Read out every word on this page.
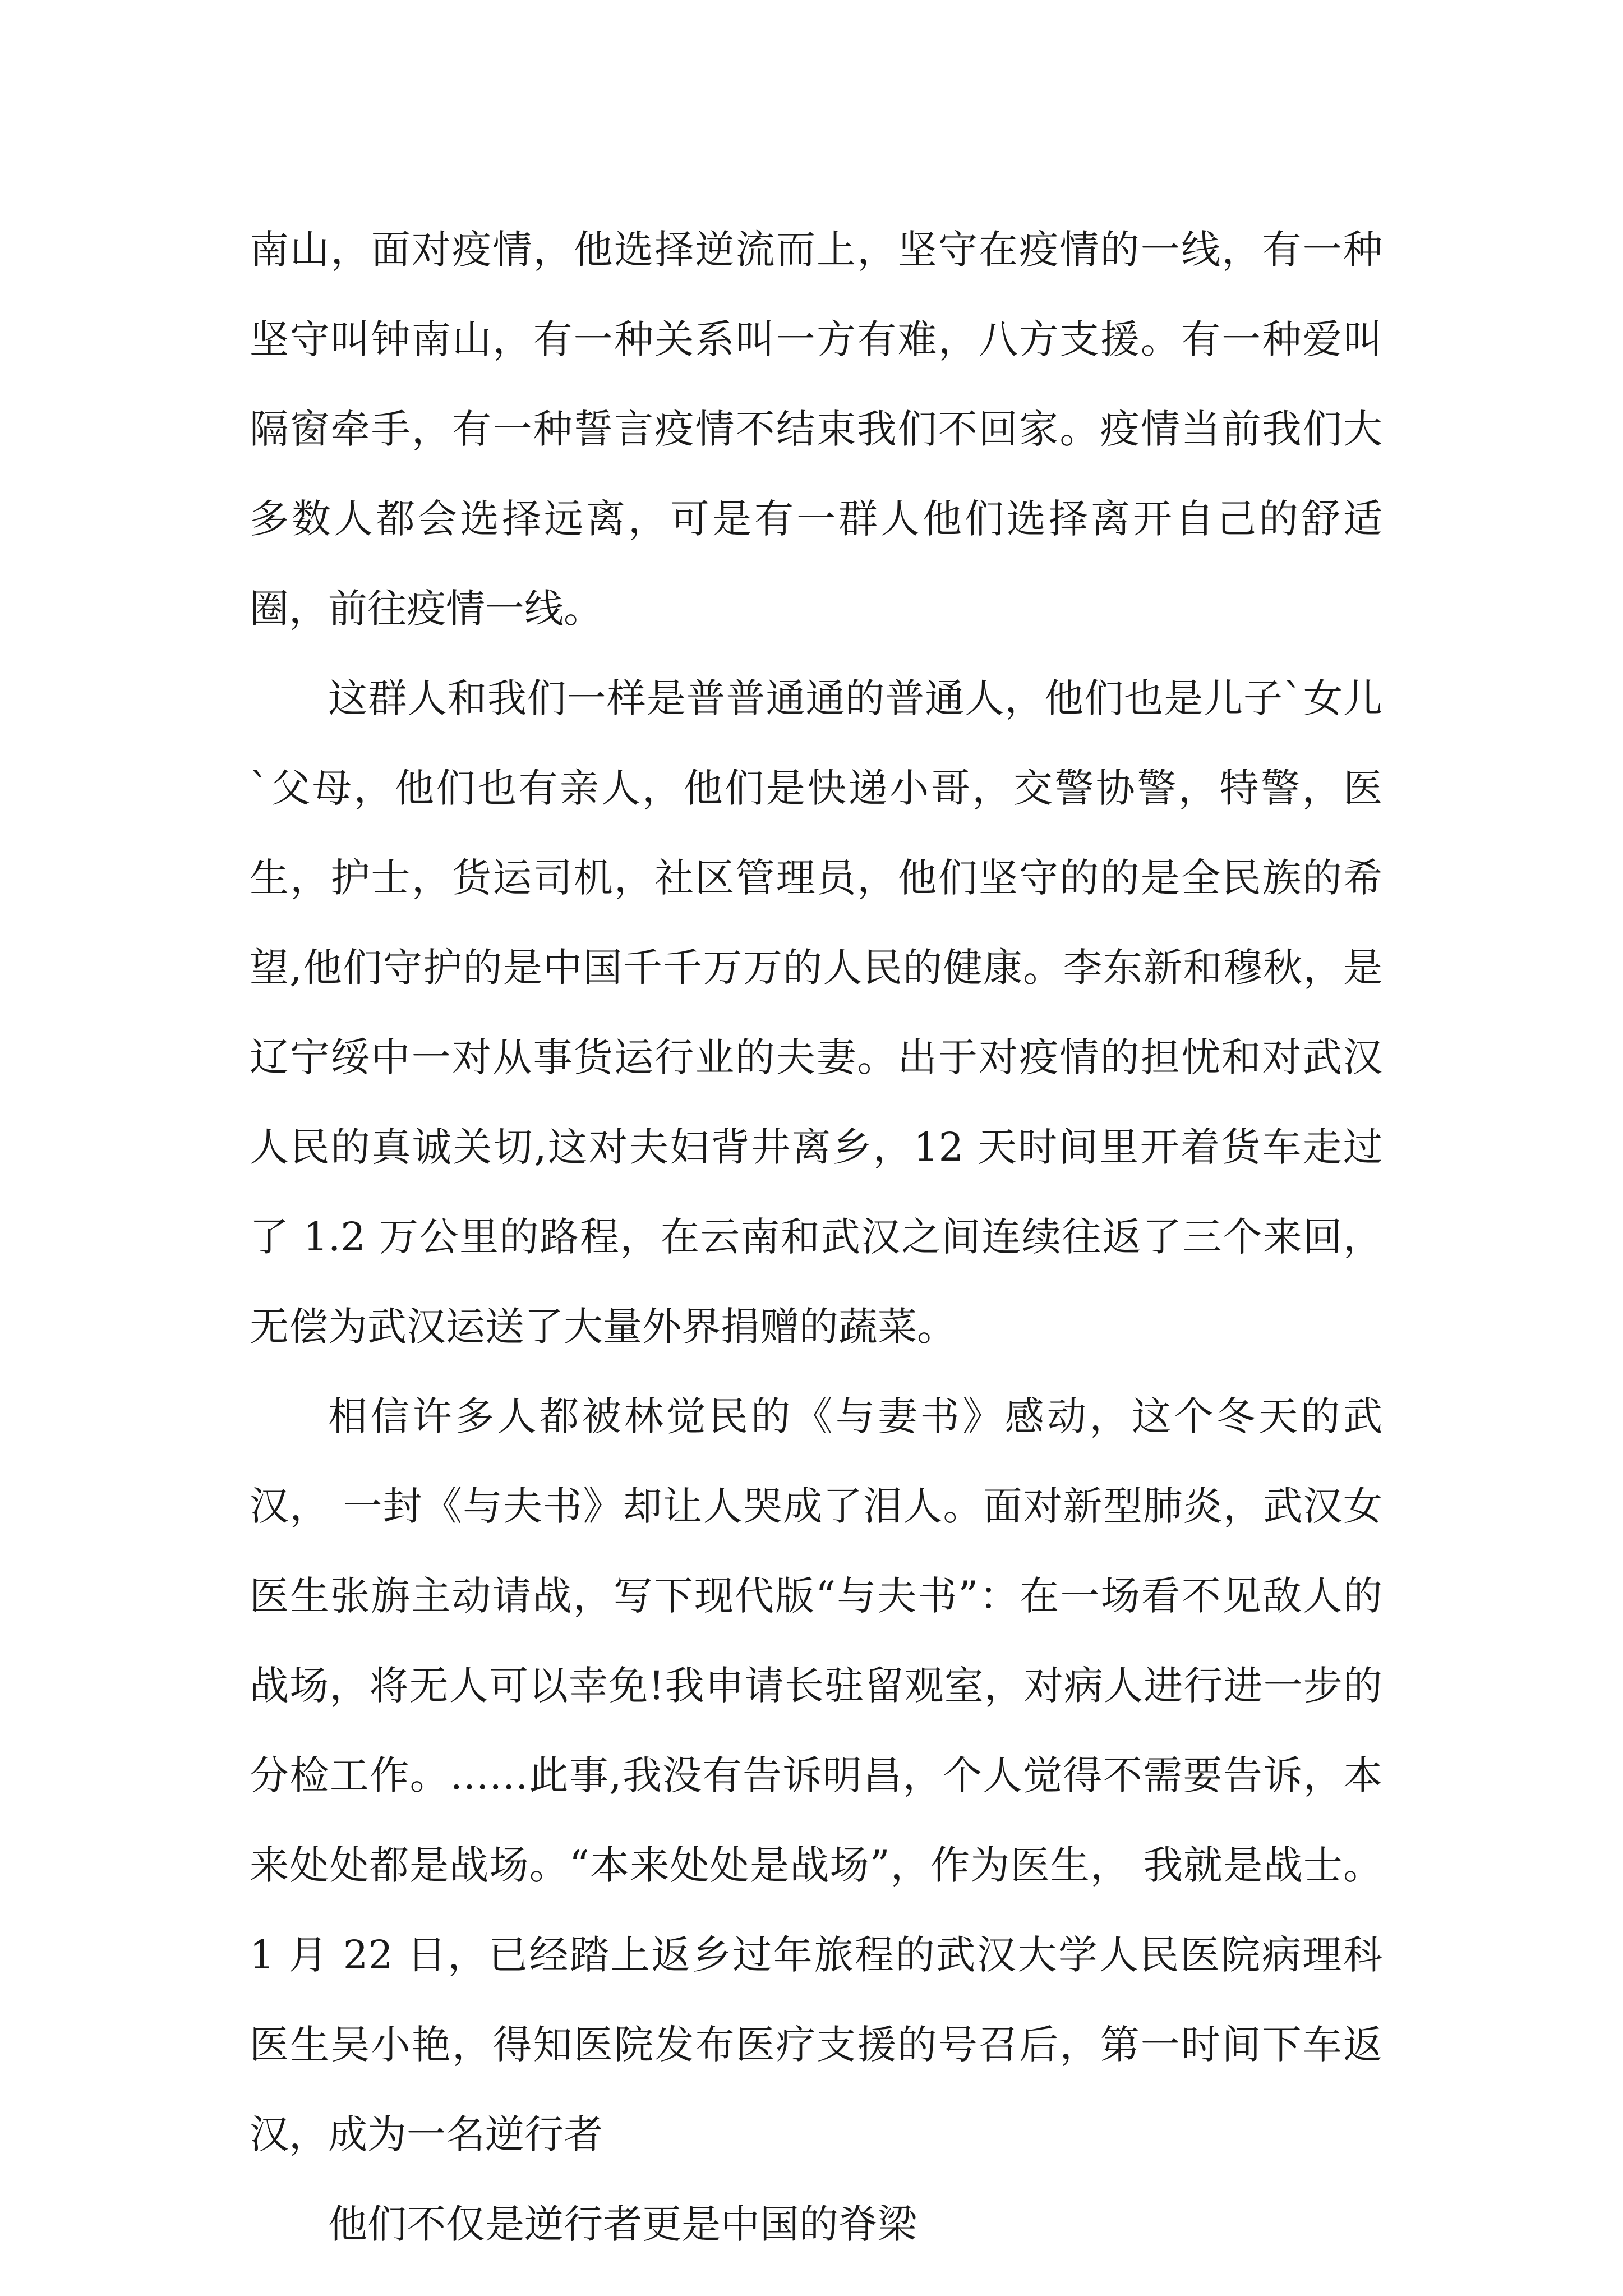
南山，面对疫情，他选择逆流而上，坚守在疫情的一线，有一种坚守叫钟南山，有一种关系叫一方有难，八方支援。有一种爱叫隔窗牵手，有一种誓言疫情不结束我们不回家。疫情当前我们大多数人都会选择远离，可是有一群人他们选择离开自己的舒适圈，前往疫情一线。

这群人和我们一样是普普通通的普通人，他们也是儿子`女儿`父母，他们也有亲人，他们是快递小哥，交警协警，特警，医生，护士，货运司机，社区管理员，他们坚守的的是全民族的希望,他们守护的是中国千千万万的人民的健康。李东新和穆秋，是辽宁绥中一对从事货运行业的夫妻。出于对疫情的担忧和对武汉人民的真诚关切,这对夫妇背井离乡，12 天时间里开着货车走过了 1.2 万公里的路程，在云南和武汉之间连续往返了三个来回，无偿为武汉运送了大量外界捐赠的蔬菜。

相信许多人都被林觉民的《与妻书》感动，这个冬天的武汉， 一封《与夫书》却让人哭成了泪人。面对新型肺炎，武汉女医生张旃主动请战，写下现代版“与夫书”：在一场看不见敌人的战场，将无人可以幸免!我申请长驻留观室，对病人进行进一步的分检工作。……此事,我没有告诉明昌，个人觉得不需要告诉，本来处处都是战场。“本来处处是战场”，作为医生， 我就是战士。1 月 22 日，已经踏上返乡过年旅程的武汉大学人民医院病理科医生吴小艳，得知医院发布医疗支援的号召后，第一时间下车返汉，成为一名逆行者

他们不仅是逆行者更是中国的脊梁
